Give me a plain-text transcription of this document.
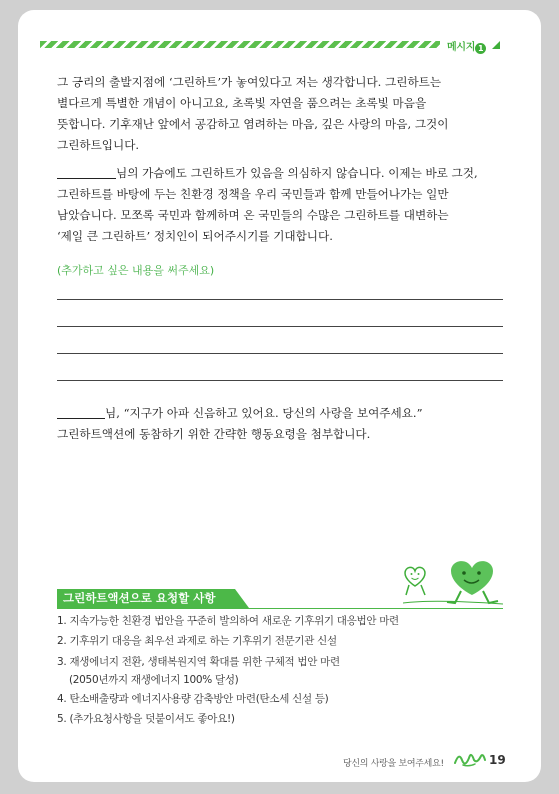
메시지 1

그 긍리의 출발지점에 ‘그린하트’가 놓여있다고 저는 생각합니다. 그린하트는
별다르게 특별한 개념이 아니고요, 초록빛 자연을 품으려는 초록빛 마음을
뜻합니다. 기후재난 앞에서 공감하고 염려하는 마음, 깊은 사랑의 마음, 그것이
그린하트입니다.

님의 가슴에도 그린하트가 있음을 의심하지 않습니다. 이제는 바로 그것,
그린하트를 바탕에 두는 친환경 정책을 우리 국민들과 함께 만들어나가는 일만
남았습니다. 모쪼록 국민과 함께하며 온 국민들의 수많은 그린하트를 대변하는
‘제일 큰 그린하트’ 정치인이 되어주시기를 기대합니다.

(추가하고 싶은 내용을 써주세요)

님, “지구가 아파 신음하고 있어요. 당신의 사랑을 보여주세요.”
그린하트액션에 동참하기 위한 간략한 행동요령을 첨부합니다.

그린하트액션으로 요청할 사항
1. 지속가능한 친환경 법안을 꾸준히 발의하여 새로운 기후위기 대응법안 마련
2. 기후위기 대응을 최우선 과제로 하는 기후위기 전문기관 신설
3. 재생에너지 전환, 생태복원지역 확대를 위한 구체적 법안 마련
(2050년까지 재생에너지 100% 달성)
4. 탄소배출량과 에너지사용량 감축방안 마련(탄소세 신설 등)
5. (추가요청사항을 덧붙이셔도 좋아요!)
당신의 사랑을 보여주세요!	19
